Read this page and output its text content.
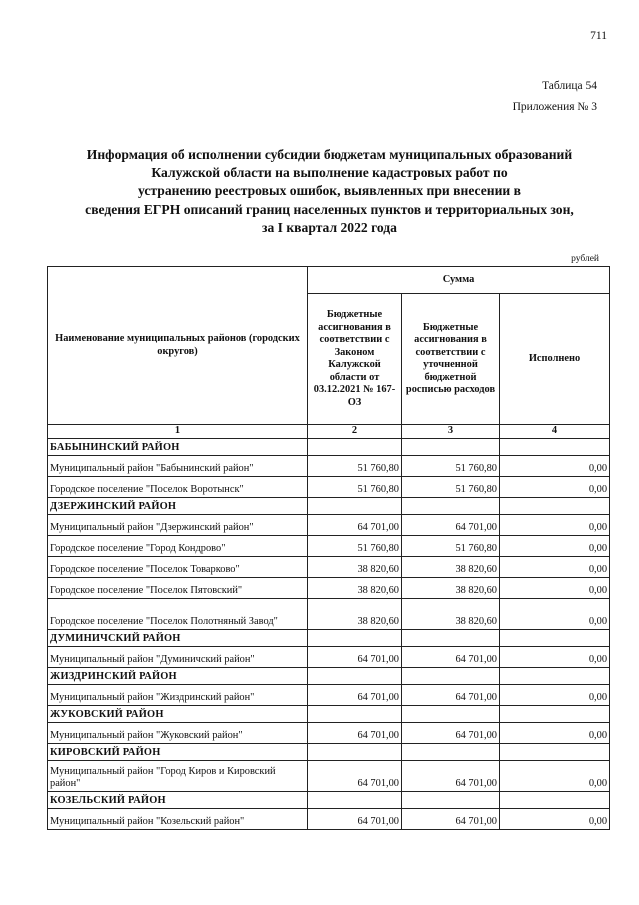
711
Таблица 54
Приложения № 3
Информация об исполнении субсидии бюджетам муниципальных образований
Калужской области на выполнение кадастровых работ по
устранению реестровых ошибок, выявленных при внесении в
сведения ЕГРН описаний границ населенных пунктов и территориальных зон,
за I квартал 2022 года
рублей
Наименование муниципальных районов (городских округов)	Сумма		
	Бюджетные ассигнования в соответствии с Законом Калужской области от 03.12.2021 № 167-ОЗ	Бюджетные ассигнования в соответствии с уточненной бюджетной росписью расходов	Исполнено
1	2	3	4
БАБЫНИНСКИЙ РАЙОН			
Муниципальный район "Бабынинский район"	51 760,80	51 760,80	0,00
Городское поселение "Поселок Воротынск"	51 760,80	51 760,80	0,00
ДЗЕРЖИНСКИЙ РАЙОН			
Муниципальный район "Дзержинский район"	64 701,00	64 701,00	0,00
Городское поселение "Город Кондрово"	51 760,80	51 760,80	0,00
Городское поселение "Поселок Товарково"	38 820,60	38 820,60	0,00
Городское поселение "Поселок Пятовский"	38 820,60	38 820,60	0,00
Городское поселение "Поселок Полотняный Завод"	38 820,60	38 820,60	0,00
ДУМИНИЧСКИЙ РАЙОН			
Муниципальный район "Думиничский район"	64 701,00	64 701,00	0,00
ЖИЗДРИНСКИЙ РАЙОН			
Муниципальный район "Жиздринский район"	64 701,00	64 701,00	0,00
ЖУКОВСКИЙ РАЙОН			
Муниципальный район "Жуковский район"	64 701,00	64 701,00	0,00
КИРОВСКИЙ РАЙОН			
Муниципальный район "Город Киров и Кировский район"	64 701,00	64 701,00	0,00
КОЗЕЛЬСКИЙ РАЙОН			
Муниципальный район "Козельский район"	64 701,00	64 701,00	0,00
